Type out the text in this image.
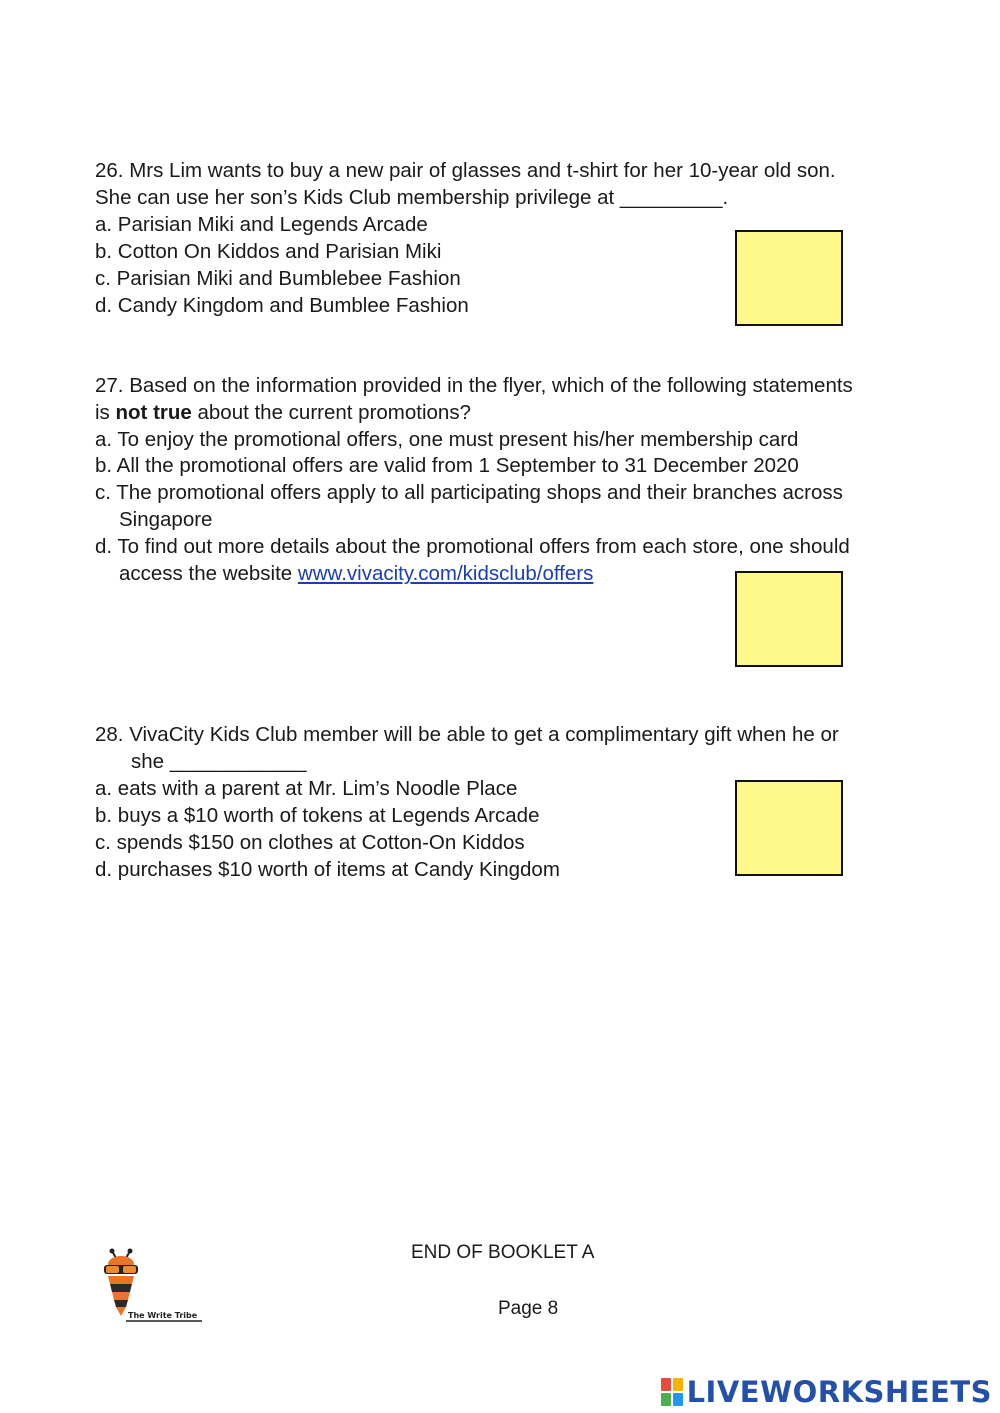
26. Mrs Lim wants to buy a new pair of glasses and t-shirt for her 10-year old son.

She can use her son’s Kids Club membership privilege at _________.

a. Parisian Miki and Legends Arcade

b. Cotton On Kiddos and Parisian Miki

c. Parisian Miki and Bumblebee Fashion

d. Candy Kingdom and Bumblee Fashion

27. Based on the information provided in the flyer, which of the following statements

is not true about the current promotions?

a. To enjoy the promotional offers, one must present his/her membership card

b. All the promotional offers are valid from 1 September to 31 December 2020

c. The promotional offers apply to all participating shops and their branches across

Singapore

d. To find out more details about the promotional offers from each store, one should

access the website www.vivacity.com/kidsclub/offers

28. VivaCity Kids Club member will be able to get a complimentary gift when he or

she ____________

a. eats with a parent at Mr. Lim’s Noodle Place

b. buys a $10 worth of tokens at Legends Arcade

c. spends $150 on clothes at Cotton-On Kiddos

d. purchases $10 worth of items at Candy Kingdom

END OF BOOKLET A
Page 8
The Write Tribe
LIVEWORKSHEETS
